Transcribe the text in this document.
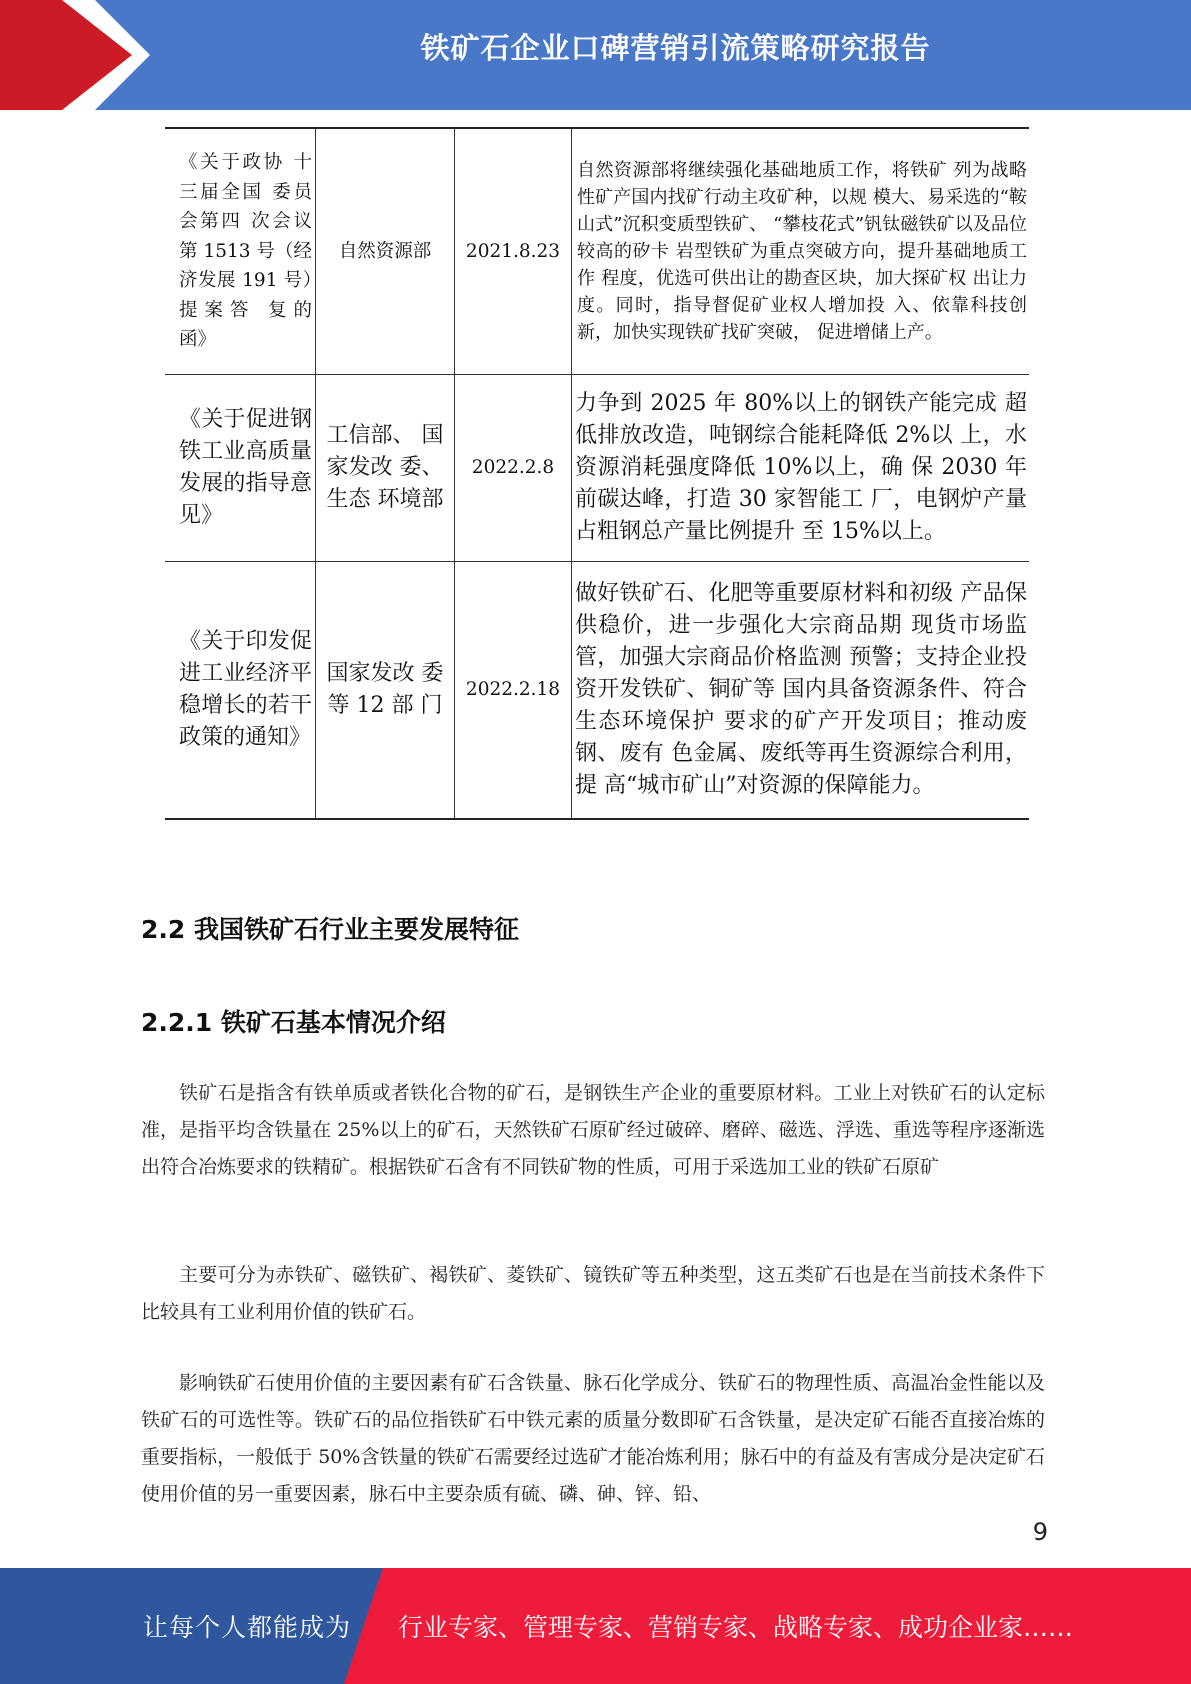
铁矿石企业口碑营销引流策略研究报告
《关于政协 十三届全国 委员会第四 次会议第 1513 号（经济发展 191 号）提 案 答　复 的函》	自然资源部	2021.8.23	自然资源部将继续强化基础地质工作，将铁矿 列为战略性矿产国内找矿行动主攻矿种，以规 模大、易采选的“鞍山式”沉积变质型铁矿、 “攀枝花式”钒钛磁铁矿以及品位较高的矽卡 岩型铁矿为重点突破方向，提升基础地质工作 程度，优选可供出让的勘查区块，加大探矿权 出让力度。同时，指导督促矿业权人增加投 入、依靠科技创新，加快实现铁矿找矿突破， 促进增储上产。

《关于促进钢铁工业高质量发展的指导意见》	工信部、 国家发改 委、生态 环境部	2022.2.8	力争到 2025 年 80%以上的钢铁产能完成 超低排放改造，吨钢综合能耗降低 2%以 上，水资源消耗强度降低 10%以上，确 保 2030 年前碳达峰，打造 30 家智能工 厂，电钢炉产量占粗钢总产量比例提升 至 15%以上。

《关于印发促进工业经济平稳增长的若干政策的通知》	国家发改 委等 12 部 门	2022.2.18	做好铁矿石、化肥等重要原材料和初级 产品保供稳价，进一步强化大宗商品期 现货市场监管，加强大宗商品价格监测 预警；支持企业投资开发铁矿、铜矿等 国内具备资源条件、符合生态环境保护 要求的矿产开发项目；推动废钢、废有 色金属、废纸等再生资源综合利用，提 高“城市矿山”对资源的保障能力。
2.2 我国铁矿石行业主要发展特征
2.2.1 铁矿石基本情况介绍

铁矿石是指含有铁单质或者铁化合物的矿石，是钢铁生产企业的重要原材料。工业上对铁矿石的认定标准，是指平均含铁量在 25%以上的矿石，天然铁矿石原矿经过破碎、磨碎、磁选、浮选、重选等程序逐渐选出符合冶炼要求的铁精矿。根据铁矿石含有不同铁矿物的性质，可用于采选加工业的铁矿石原矿

主要可分为赤铁矿、磁铁矿、褐铁矿、菱铁矿、镜铁矿等五种类型，这五类矿石也是在当前技术条件下比较具有工业利用价值的铁矿石。

影响铁矿石使用价值的主要因素有矿石含铁量、脉石化学成分、铁矿石的物理性质、高温冶金性能以及铁矿石的可选性等。铁矿石的品位指铁矿石中铁元素的质量分数即矿石含铁量，是决定矿石能否直接冶炼的重要指标，一般低于 50%含铁量的铁矿石需要经过选矿才能冶炼利用；脉石中的有益及有害成分是决定矿石使用价值的另一重要因素，脉石中主要杂质有硫、磷、砷、锌、铅、

9
让每个人都能成为 行业专家、管理专家、营销专家、战略专家、成功企业家……
